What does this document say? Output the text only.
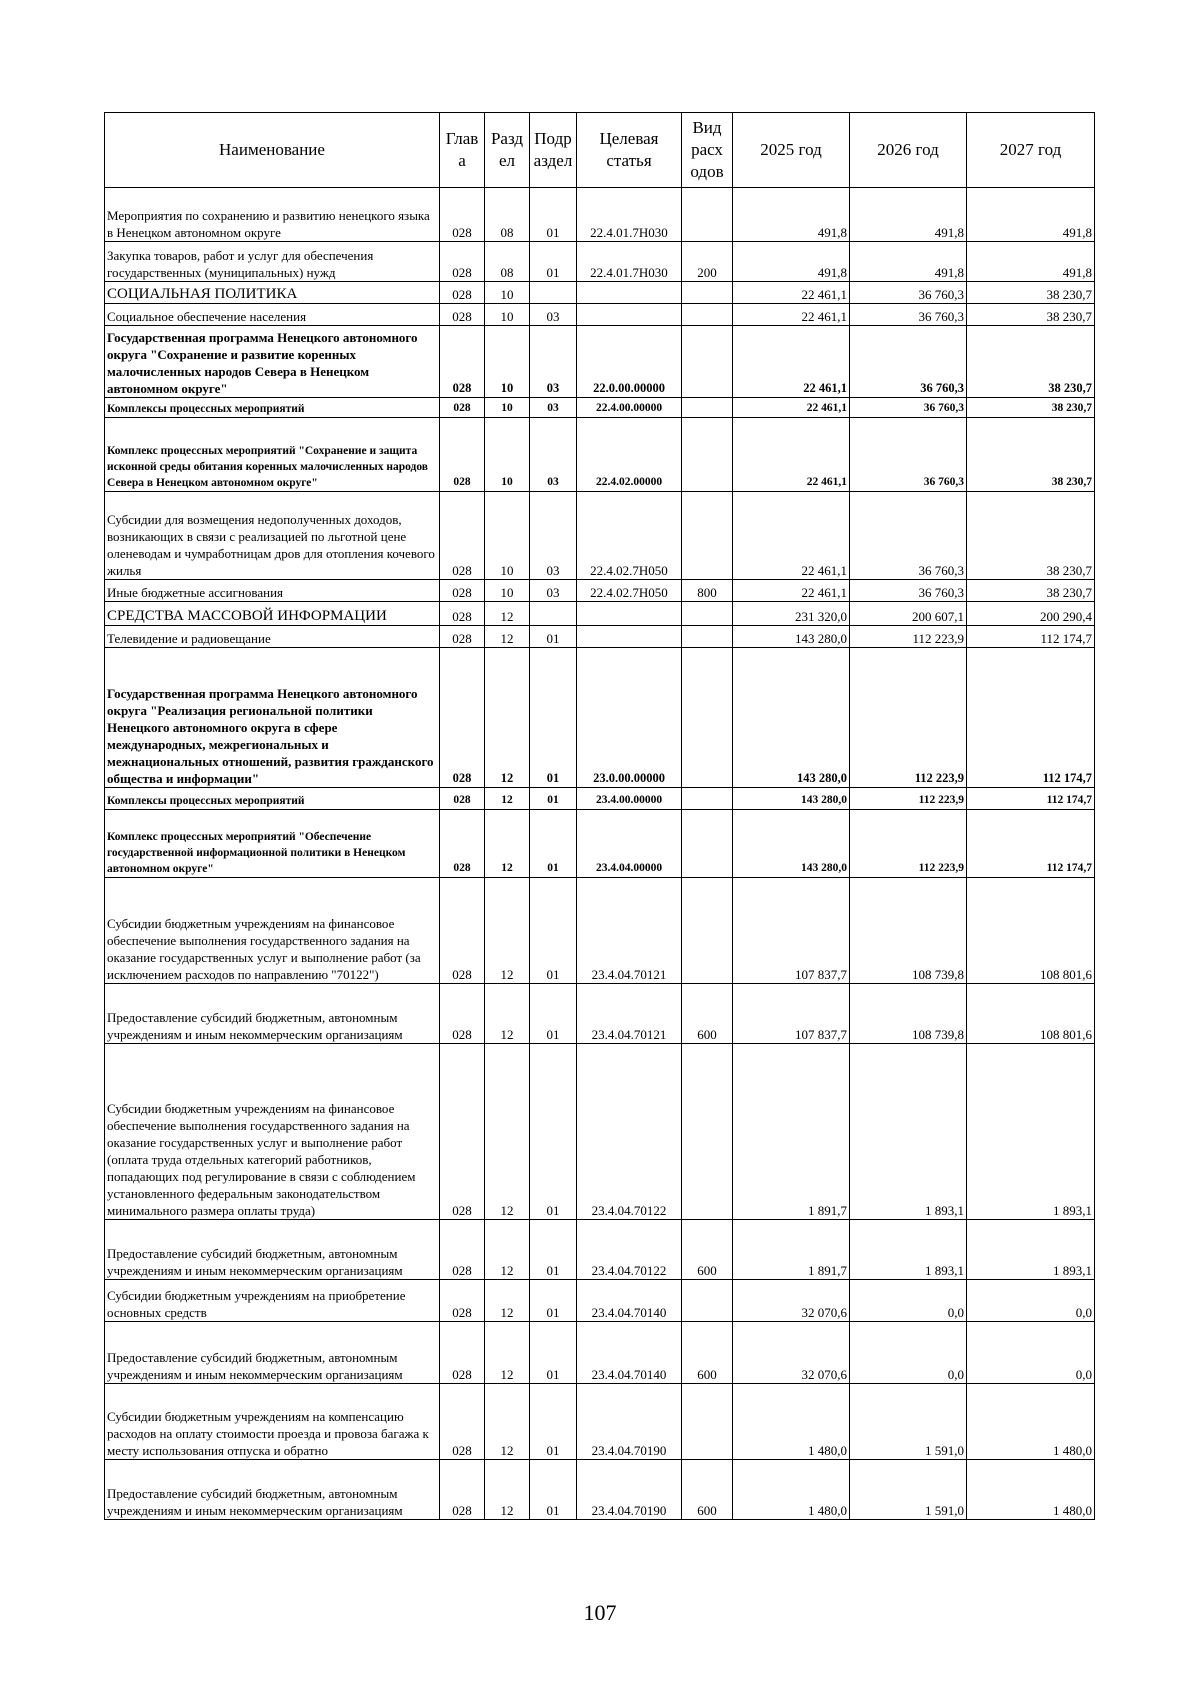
Наименование	Глав а	Разд ел	Подр аздел	Целевая статья	Вид расх одов	2025 год	2026 год	2027 год
Мероприятия по сохранению и развитию ненецкого языка в Ненецком автономном округе	028	08	01	22.4.01.7Н030		491,8	491,8	491,8
Закупка товаров, работ и услуг для обеспечения государственных (муниципальных) нужд	028	08	01	22.4.01.7Н030	200	491,8	491,8	491,8
СОЦИАЛЬНАЯ ПОЛИТИКА	028	10				22 461,1	36 760,3	38 230,7
Социальное обеспечение населения	028	10	03			22 461,1	36 760,3	38 230,7
Государственная программа Ненецкого автономного округа "Сохранение и развитие коренных малочисленных народов Севера в Ненецком автономном округе"	028	10	03	22.0.00.00000		22 461,1	36 760,3	38 230,7
Комплексы процессных мероприятий	028	10	03	22.4.00.00000		22 461,1	36 760,3	38 230,7
Комплекс процессных мероприятий "Сохранение и защита исконной среды обитания коренных малочисленных народов Севера в Ненецком автономном округе"	028	10	03	22.4.02.00000		22 461,1	36 760,3	38 230,7
Субсидии для возмещения недополученных доходов, возникающих в связи с реализацией по льготной цене оленеводам и чумработницам дров для отопления кочевого жилья	028	10	03	22.4.02.7Н050		22 461,1	36 760,3	38 230,7
Иные бюджетные ассигнования	028	10	03	22.4.02.7Н050	800	22 461,1	36 760,3	38 230,7
СРЕДСТВА МАССОВОЙ ИНФОРМАЦИИ	028	12				231 320,0	200 607,1	200 290,4
Телевидение и радиовещание	028	12	01			143 280,0	112 223,9	112 174,7
Государственная программа Ненецкого автономного округа "Реализация региональной политики Ненецкого автономного округа в сфере международных, межрегиональных и межнациональных отношений, развития гражданского общества и информации"	028	12	01	23.0.00.00000		143 280,0	112 223,9	112 174,7
Комплексы процессных мероприятий	028	12	01	23.4.00.00000		143 280,0	112 223,9	112 174,7
Комплекс процессных мероприятий "Обеспечение государственной информационной политики в Ненецком автономном округе"	028	12	01	23.4.04.00000		143 280,0	112 223,9	112 174,7
Субсидии бюджетным учреждениям на финансовое обеспечение выполнения государственного задания на оказание государственных услуг и выполнение работ (за исключением расходов по направлению "70122")	028	12	01	23.4.04.70121		107 837,7	108 739,8	108 801,6
Предоставление субсидий бюджетным, автономным учреждениям и иным некоммерческим организациям	028	12	01	23.4.04.70121	600	107 837,7	108 739,8	108 801,6
Субсидии бюджетным учреждениям на финансовое обеспечение выполнения государственного задания на оказание государственных услуг и выполнение работ (оплата труда отдельных категорий работников, попадающих под регулирование в связи с соблюдением установленного федеральным законодательством минимального размера оплаты труда)	028	12	01	23.4.04.70122		1 891,7	1 893,1	1 893,1
Предоставление субсидий бюджетным, автономным учреждениям и иным некоммерческим организациям	028	12	01	23.4.04.70122	600	1 891,7	1 893,1	1 893,1
Субсидии бюджетным учреждениям на приобретение основных средств	028	12	01	23.4.04.70140		32 070,6	0,0	0,0
Предоставление субсидий бюджетным, автономным учреждениям и иным некоммерческим организациям	028	12	01	23.4.04.70140	600	32 070,6	0,0	0,0
Субсидии бюджетным учреждениям на компенсацию расходов на оплату стоимости проезда и провоза багажа к месту использования отпуска и обратно	028	12	01	23.4.04.70190		1 480,0	1 591,0	1 480,0
Предоставление субсидий бюджетным, автономным учреждениям и иным некоммерческим организациям	028	12	01	23.4.04.70190	600	1 480,0	1 591,0	1 480,0
107
